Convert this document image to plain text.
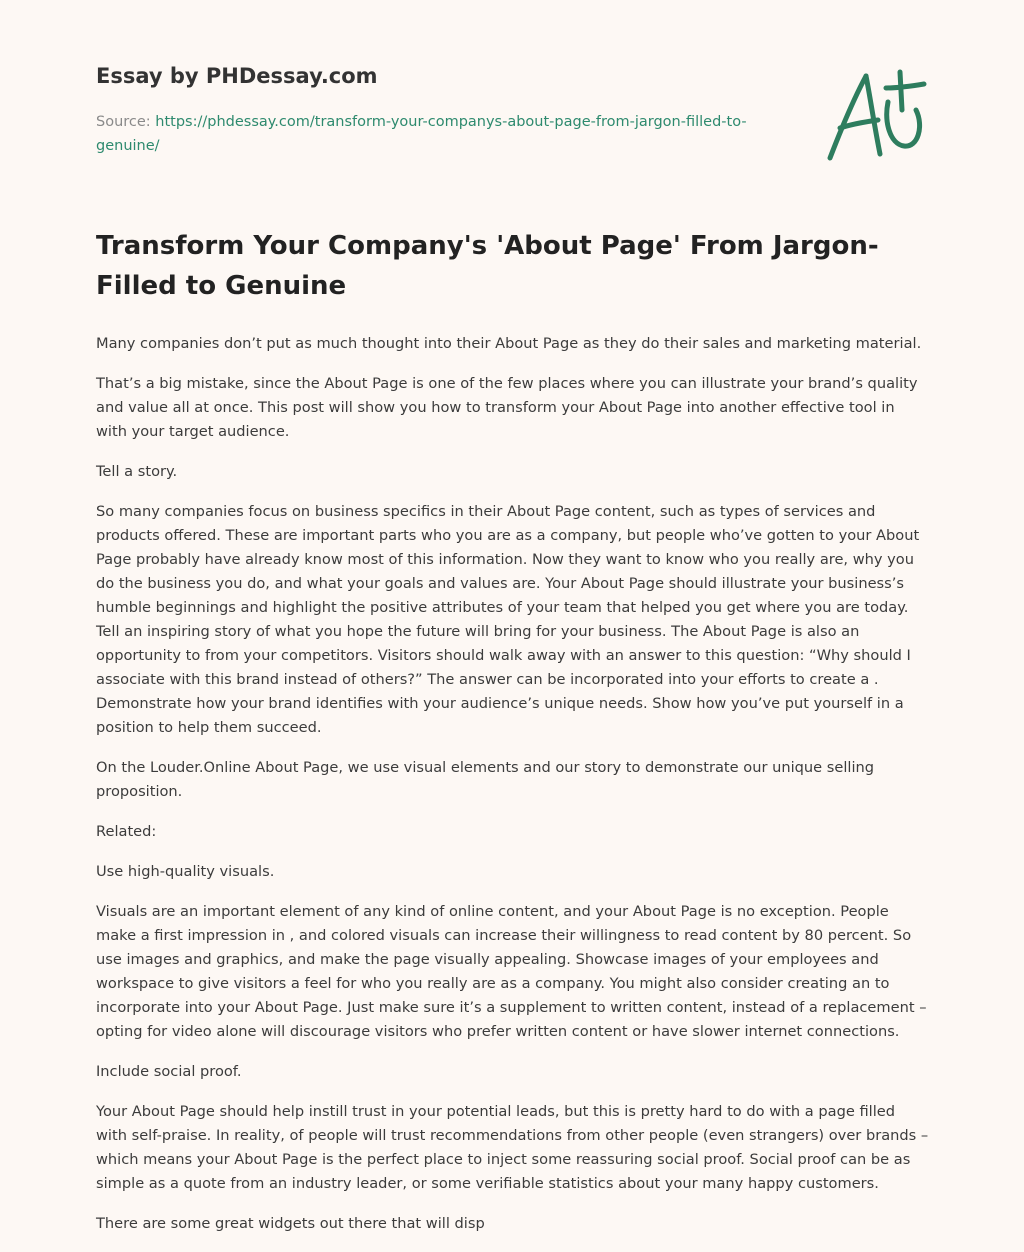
Essay by PHDessay.com
Source: https://phdessay.com/transform-your-companys-about-page-from-jargon-filled-to-genuine/
Transform Your Company's 'About Page' From Jargon-Filled to Genuine

Many companies don’t put as much thought into their About Page as they do their sales and marketing material.

That’s a big mistake, since the About Page is one of the few places where you can illustrate your brand’s quality and value all at once. This post will show you how to transform your About Page into another effective tool in with your target audience.

Tell a story.

So many companies focus on business specifics in their About Page content, such as types of services and products offered. These are important parts who you are as a company, but people who’ve gotten to your About Page probably have already know most of this information. Now they want to know who you really are, why you do the business you do, and what your goals and values are. Your About Page should illustrate your business’s humble beginnings and highlight the positive attributes of your team that helped you get where you are today. Tell an inspiring story of what you hope the future will bring for your business. The About Page is also an opportunity to from your competitors. Visitors should walk away with an answer to this question: “Why should I associate with this brand instead of others?” The answer can be incorporated into your efforts to create a . Demonstrate how your brand identifies with your audience’s unique needs. Show how you’ve put yourself in a position to help them succeed.

On the Louder.Online About Page, we use visual elements and our story to demonstrate our unique selling proposition.

Related:

Use high-quality visuals.

Visuals are an important element of any kind of online content, and your About Page is no exception. People make a first impression in , and colored visuals can increase their willingness to read content by 80 percent. So use images and graphics, and make the page visually appealing. Showcase images of your employees and workspace to give visitors a feel for who you really are as a company. You might also consider creating an to incorporate into your About Page. Just make sure it’s a supplement to written content, instead of a replacement – opting for video alone will discourage visitors who prefer written content or have slower internet connections.

Include social proof.

Your About Page should help instill trust in your potential leads, but this is pretty hard to do with a page filled with self-praise. In reality, of people will trust recommendations from other people (even strangers) over brands – which means your About Page is the perfect place to inject some reassuring social proof. Social proof can be as simple as a quote from an industry leader, or some verifiable statistics about your many happy customers.

There are some great widgets out there that will disp
